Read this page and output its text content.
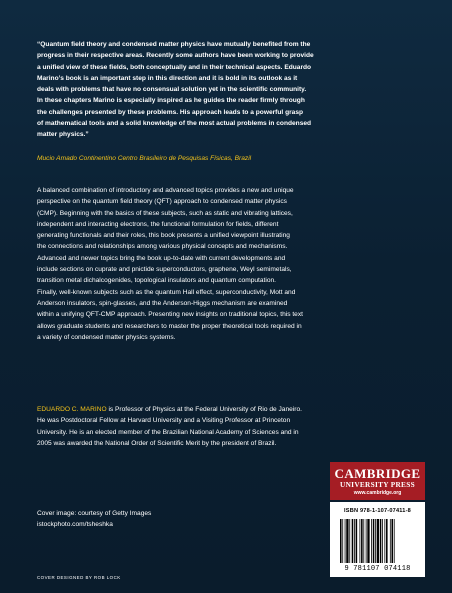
“Quantum field theory and condensed matter physics have mutually benefited from the
progress in their respective areas. Recently some authors have been working to provide
a unified view of these fields, both conceptually and in their technical aspects. Eduardo
Marino’s book is an important step in this direction and it is bold in its outlook as it
deals with problems that have no consensual solution yet in the scientific community.
In these chapters Marino is especially inspired as he guides the reader firmly through
the challenges presented by these problems. His approach leads to a powerful grasp
of mathematical tools and a solid knowledge of the most actual problems in condensed
matter physics.”
Mucio Amado Continentino Centro Brasileiro de Pesquisas Físicas, Brazil
A balanced combination of introductory and advanced topics provides a new and unique
perspective on the quantum field theory (QFT) approach to condensed matter physics
(CMP). Beginning with the basics of these subjects, such as static and vibrating lattices,
independent and interacting electrons, the functional formulation for fields, different
generating functionals and their roles, this book presents a unified viewpoint illustrating
the connections and relationships among various physical concepts and mechanisms.
Advanced and newer topics bring the book up-to-date with current developments and
include sections on cuprate and pnictide superconductors, graphene, Weyl semimetals,
transition metal dichalcogenides, topological insulators and quantum computation.
Finally, well-known subjects such as the quantum Hall effect, superconductivity, Mott and
Anderson insulators, spin-glasses, and the Anderson-Higgs mechanism are examined
within a unifying QFT-CMP approach. Presenting new insights on traditional topics, this text
allows graduate students and researchers to master the proper theoretical tools required in
a variety of condensed matter physics systems.
EDUARDO C. MARINO is Professor of Physics at the Federal University of Rio de Janeiro.
He was Postdoctoral Fellow at Harvard University and a Visiting Professor at Princeton
University. He is an elected member of the Brazilian National Academy of Sciences and in
2005 was awarded the National Order of Scientific Merit by the president of Brazil.
Cover image: courtesy of Getty Images
istockphoto.com/tsheshka
COVER DESIGNED BY ROB LOCK
CAMBRIDGE
UNIVERSITY PRESS
www.cambridge.org
ISBN 978-1-107-07411-8
9 781107 074118
